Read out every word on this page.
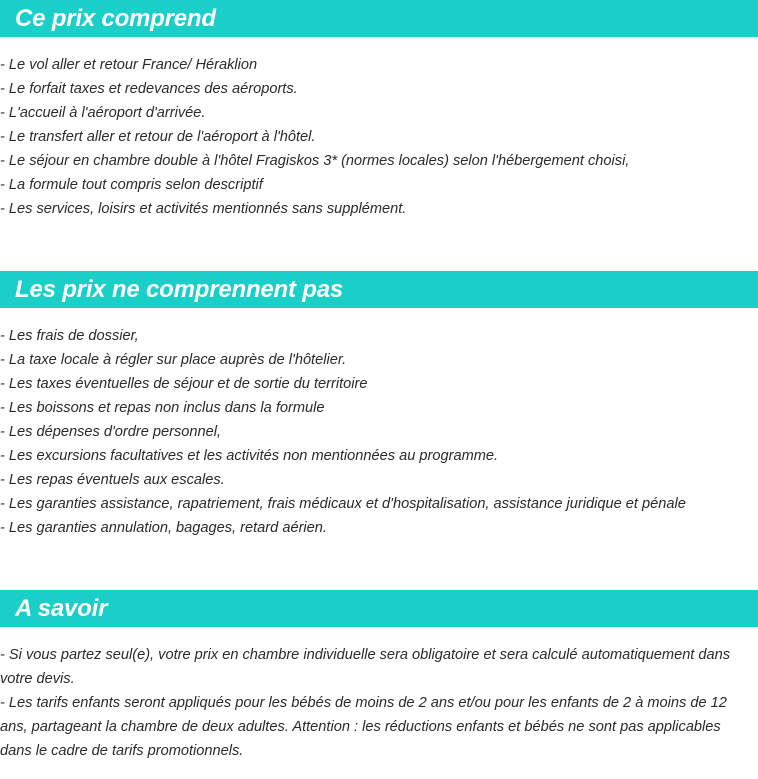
Ce prix comprend
- Le vol aller et retour France/ Héraklion
- Le forfait taxes et redevances des aéroports.
- L'accueil à l'aéroport d'arrivée.
- Le transfert aller et retour de l'aéroport à l'hôtel.
- Le séjour en chambre double à l'hôtel Fragiskos 3* (normes locales) selon l'hébergement choisi,
- La formule tout compris selon descriptif
- Les services, loisirs et activités mentionnés sans supplément.
Les prix ne comprennent pas
- Les frais de dossier,
- La taxe locale à régler sur place auprès de l'hôtelier.
- Les taxes éventuelles de séjour et de sortie du territoire
- Les boissons et repas non inclus dans la formule
- Les dépenses d'ordre personnel,
- Les excursions facultatives et les activités non mentionnées au programme.
- Les repas éventuels aux escales.
- Les garanties assistance, rapatriement, frais médicaux et d'hospitalisation, assistance juridique et pénale
- Les garanties annulation, bagages, retard aérien.
A savoir

- Si vous partez seul(e), votre prix en chambre individuelle sera obligatoire et sera calculé automatiquement dans votre devis.

- Les tarifs enfants seront appliqués pour les bébés de moins de 2 ans et/ou pour les enfants de 2 à moins de 12 ans, partageant la chambre de deux adultes. Attention : les réductions enfants et bébés ne sont pas applicables dans le cadre de tarifs promotionnels.
